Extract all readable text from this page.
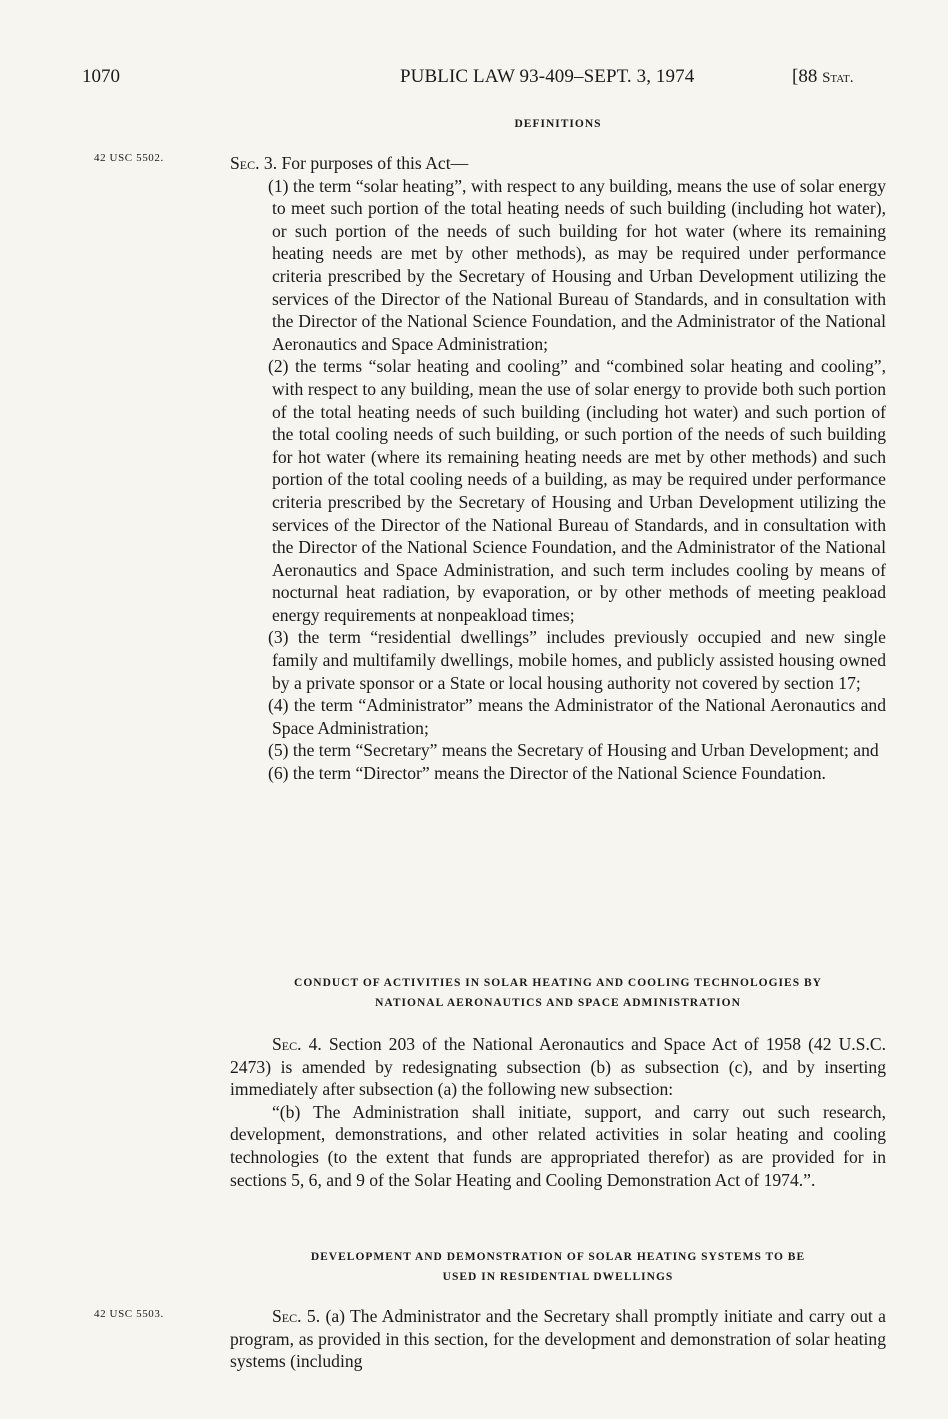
1070	PUBLIC LAW 93-409–SEPT. 3, 1974	[88 Stat.
DEFINITIONS
42 USC 5502.	Sec. 3. For purposes of this Act—

(1) the term “solar heating”, with respect to any building, means the use of solar energy to meet such portion of the total heating needs of such building (including hot water), or such portion of the needs of such building for hot water (where its remaining heating needs are met by other methods), as may be required under performance criteria prescribed by the Secretary of Housing and Urban Development utilizing the services of the Director of the National Bureau of Standards, and in consultation with the Director of the National Science Foundation, and the Administrator of the National Aeronautics and Space Administration;

(2) the terms “solar heating and cooling” and “combined solar heating and cooling”, with respect to any building, mean the use of solar energy to provide both such portion of the total heating needs of such building (including hot water) and such portion of the total cooling needs of such building, or such portion of the needs of such building for hot water (where its remaining heating needs are met by other methods) and such portion of the total cooling needs of a building, as may be required under performance criteria prescribed by the Secretary of Housing and Urban Development utilizing the services of the Director of the National Bureau of Standards, and in consultation with the Director of the National Science Foundation, and the Administrator of the National Aeronautics and Space Administration, and such term includes cooling by means of nocturnal heat radiation, by evaporation, or by other methods of meeting peakload energy requirements at nonpeakload times;

(3) the term “residential dwellings” includes previously occupied and new single family and multifamily dwellings, mobile homes, and publicly assisted housing owned by a private sponsor or a State or local housing authority not covered by section 17;

(4) the term “Administrator” means the Administrator of the National Aeronautics and Space Administration;

(5) the term “Secretary” means the Secretary of Housing and Urban Development; and

(6) the term “Director” means the Director of the National Science Foundation.

CONDUCT OF ACTIVITIES IN SOLAR HEATING AND COOLING TECHNOLOGIES BY
NATIONAL AERONAUTICS AND SPACE ADMINISTRATION

Sec. 4. Section 203 of the National Aeronautics and Space Act of 1958 (42 U.S.C. 2473) is amended by redesignating subsection (b) as subsection (c), and by inserting immediately after subsection (a) the following new subsection:

“(b) The Administration shall initiate, support, and carry out such research, development, demonstrations, and other related activities in solar heating and cooling technologies (to the extent that funds are appropriated therefor) as are provided for in sections 5, 6, and 9 of the Solar Heating and Cooling Demonstration Act of 1974.”.

DEVELOPMENT AND DEMONSTRATION OF SOLAR HEATING SYSTEMS TO BE
USED IN RESIDENTIAL DWELLINGS
42 USC 5503.	Sec. 5. (a) The Administrator and the Secretary shall promptly initiate and carry out a program, as provided in this section, for the development and demonstration of solar heating systems (including
